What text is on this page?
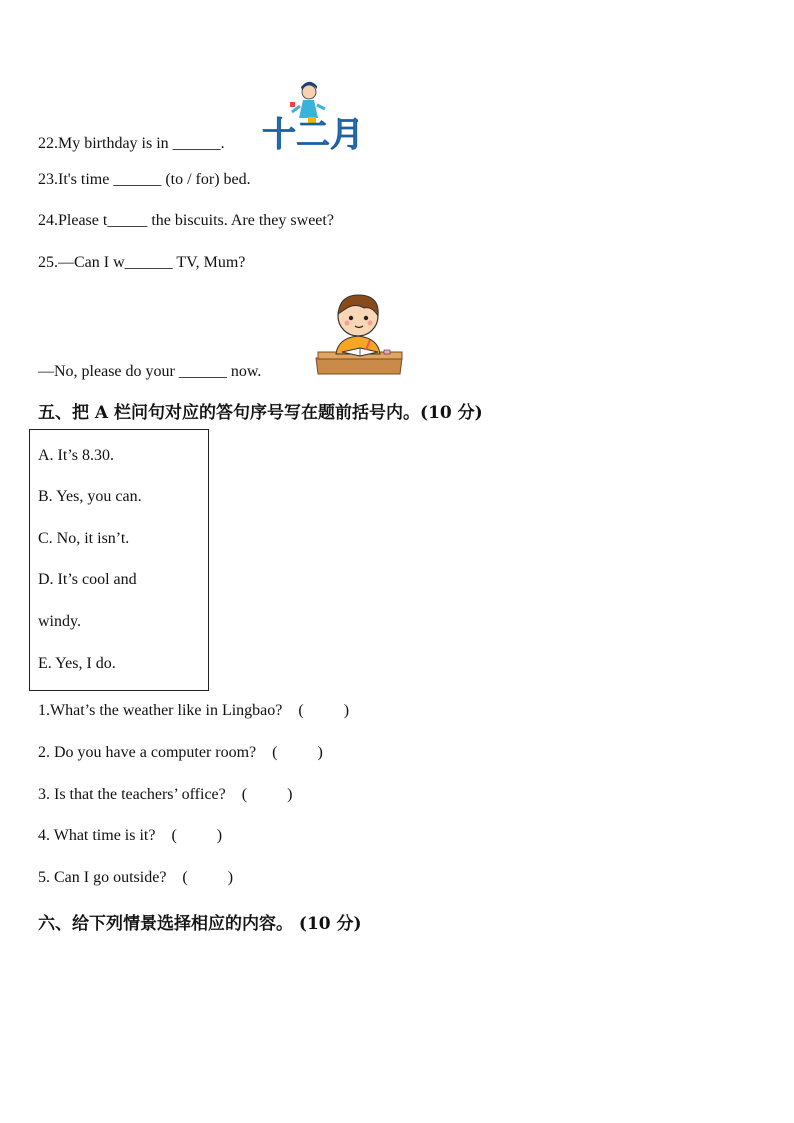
十二月
22.My birthday is in ______.
23.It's time ______ (to / for) bed.
24.Please t_____ the biscuits. Are they sweet?
25.—Can I w______ TV, Mum?
—No, please do your ______ now.
五、把 A 栏问句对应的答句序号写在题前括号内。(10 分)
A. It’s 8.30.
B. Yes, you can.
C. No, it isn’t.
D. It’s cool and
windy.
E. Yes, I do.
1.What’s the weather like in Lingbao? (          )
2. Do you have a computer room? (          )
3. Is that the teachers’ office? (          )
4. What time is it? (          )
5. Can I go outside? (          )
六、给下列情景选择相应的内容。 (10 分)
